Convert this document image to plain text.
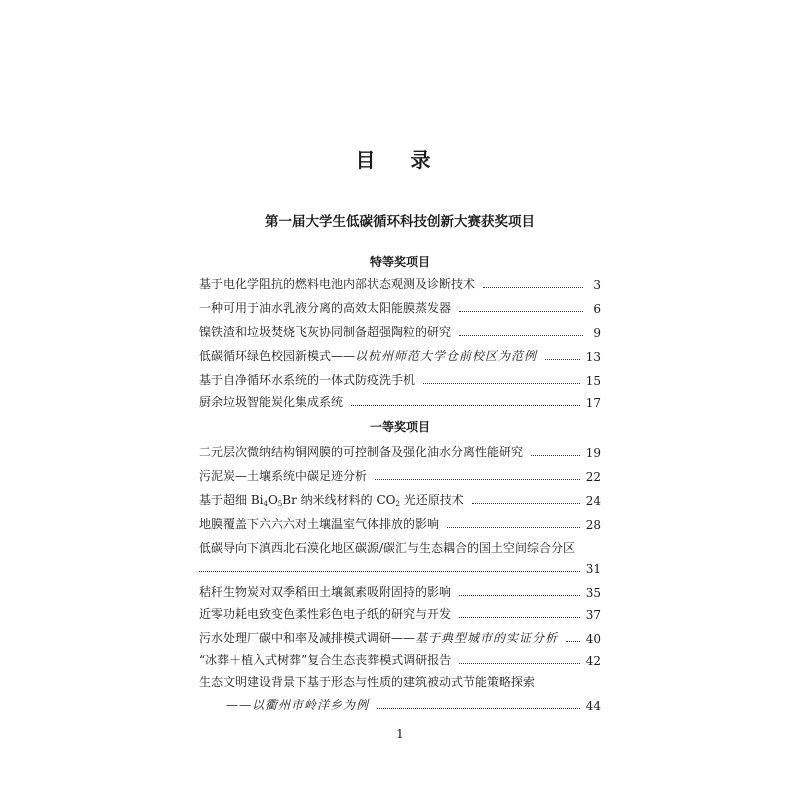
目 录
第一届大学生低碳循环科技创新大赛获奖项目
特等奖项目
基于电化学阻抗的燃料电池内部状态观测及诊断技术	3
一种可用于油水乳液分离的高效太阳能膜蒸发器	6
镍铁渣和垃圾焚烧飞灰协同制备超强陶粒的研究	9
低碳循环绿色校园新模式——以杭州师范大学仓前校区为范例	13
基于自净循环水系统的一体式防疫洗手机	15
厨余垃圾智能炭化集成系统	17
一等奖项目
二元层次微纳结构铜网膜的可控制备及强化油水分离性能研究	19
污泥炭—土壤系统中碳足迹分析	22
基于超细 $Bi_4O_5Br$ 纳米线材料的 $CO_2$ 光还原技术	24
地膜覆盖下六六六对土壤温室气体排放的影响	28
低碳导向下滇西北石漠化地区碳源/碳汇与生态耦合的国土空间综合分区
31
秸秆生物炭对双季稻田土壤氮素吸附固持的影响	35
近零功耗电致变色柔性彩色电子纸的研究与开发	37
污水处理厂碳中和率及减排模式调研——基于典型城市的实证分析 40
“冰葬＋植入式树葬”复合生态丧葬模式调研报告	42
生态文明建设背景下基于形态与性质的建筑被动式节能策略探索
——以衢州市岭洋乡为例	44
1
